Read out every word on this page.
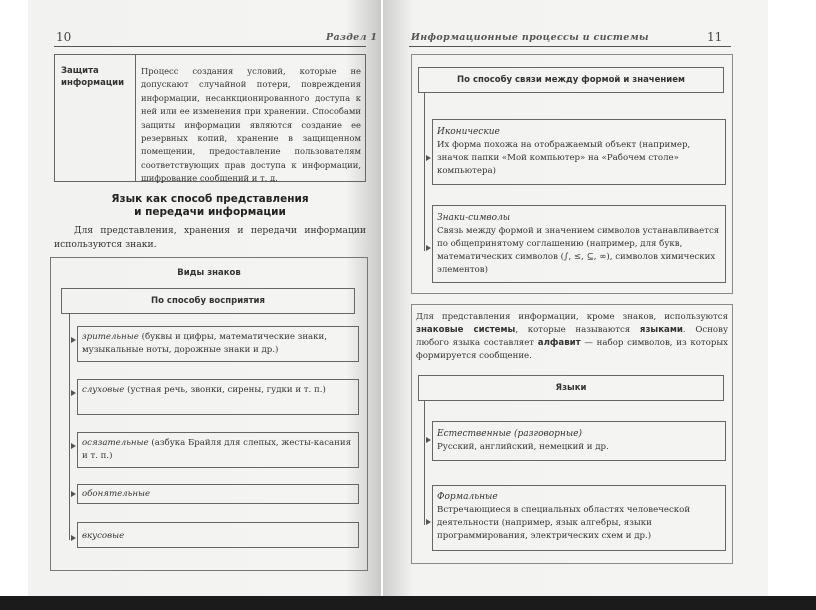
10	Раздел 1
Защита информации
Процесс создания условий, которые не допускают случайной потери, повреждения информации, несанкционированного доступа к ней или ее изменения при хранении. Способами защиты информации являются создание ее резервных копий, хранение в защищенном помещении, предоставление пользователям соответствующих прав доступа к информации, шифрование сообщений и т. д.
Язык как способ представления
и передачи информации
Для представления, хранения и передачи информации используются знаки.
Виды знаков
По способу восприятия
зрительные (буквы и цифры, математические знаки, музыкальные ноты, дорожные знаки и др.)
слуховые (устная речь, звонки, сирены, гудки и т. п.)
осязательные (азбука Брайля для слепых, жесты-касания и т. п.)
обонятельные
вкусовые
Информационные процессы и системы	11
По способу связи между формой и значением
Иконические
Их форма похожа на отображаемый объект (например, значок папки «Мой компьютер» на «Рабочем столе» компьютера)
Знаки-символы
Связь между формой и значением символов устанавливается по общепринятому соглашению (например, для букв, математических символов (∫, ≤, ⊆, ∞), символов химических элементов)
Для представления информации, кроме знаков, используются знаковые системы, которые называются языками. Основу любого языка составляет алфавит — набор символов, из которых формируется сообщение.
Языки
Естественные (разговорные)
Русский, английский, немецкий и др.
Формальные
Встречающиеся в специальных областях человеческой деятельности (например, язык алгебры, языки программирования, электрических схем и др.)
